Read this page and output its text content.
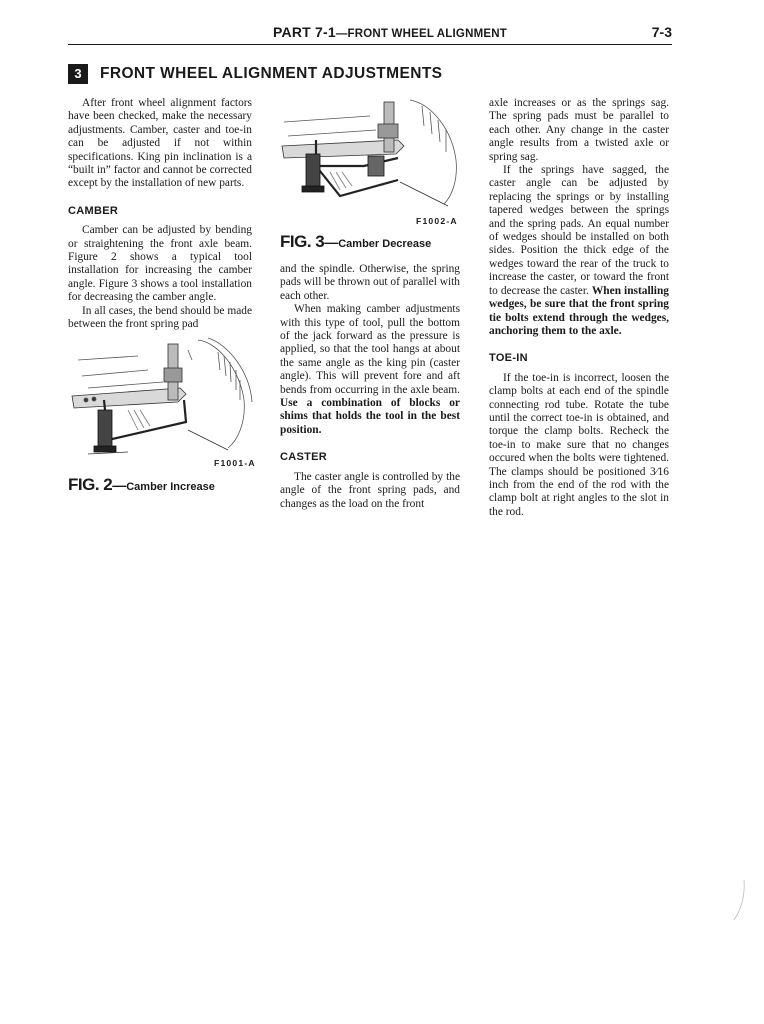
PART 7-1—FRONT WHEEL ALIGNMENT	7-3
3	FRONT WHEEL ALIGNMENT ADJUSTMENTS

After front wheel alignment factors have been checked, make the necessary adjustments. Camber, caster and toe-in can be adjusted if not within specifications. King pin inclination is a “built in” factor and cannot be corrected except by the installation of new parts.

CAMBER

Camber can be adjusted by bending or straightening the front axle beam. Figure 2 shows a typical tool installation for increasing the camber angle. Figure 3 shows a tool installation for decreasing the camber angle.

In all cases, the bend should be made between the front spring pad

F1001-A
FIG. 2—Camber Increase
F1002-A
FIG. 3—Camber Decrease

and the spindle. Otherwise, the spring pads will be thrown out of parallel with each other.

When making camber adjustments with this type of tool, pull the bottom of the jack forward as the pressure is applied, so that the tool hangs at about the same angle as the king pin (caster angle). This will prevent fore and aft bends from occurring in the axle beam. Use a combination of blocks or shims that holds the tool in the best position.

CASTER

The caster angle is controlled by the angle of the front spring pads, and changes as the load on the front

axle increases or as the springs sag. The spring pads must be parallel to each other. Any change in the caster angle results from a twisted axle or spring sag.

If the springs have sagged, the caster angle can be adjusted by replacing the springs or by installing tapered wedges between the springs and the spring pads. An equal number of wedges should be installed on both sides. Position the thick edge of the wedges toward the rear of the truck to increase the caster, or toward the front to decrease the caster. When installing wedges, be sure that the front spring tie bolts extend through the wedges, anchoring them to the axle.

TOE-IN

If the toe-in is incorrect, loosen the clamp bolts at each end of the spindle connecting rod tube. Rotate the tube until the correct toe-in is obtained, and torque the clamp bolts. Recheck the toe-in to make sure that no changes occured when the bolts were tightened. The clamps should be positioned 3⁄16 inch from the end of the rod with the clamp bolt at right angles to the slot in the rod.
